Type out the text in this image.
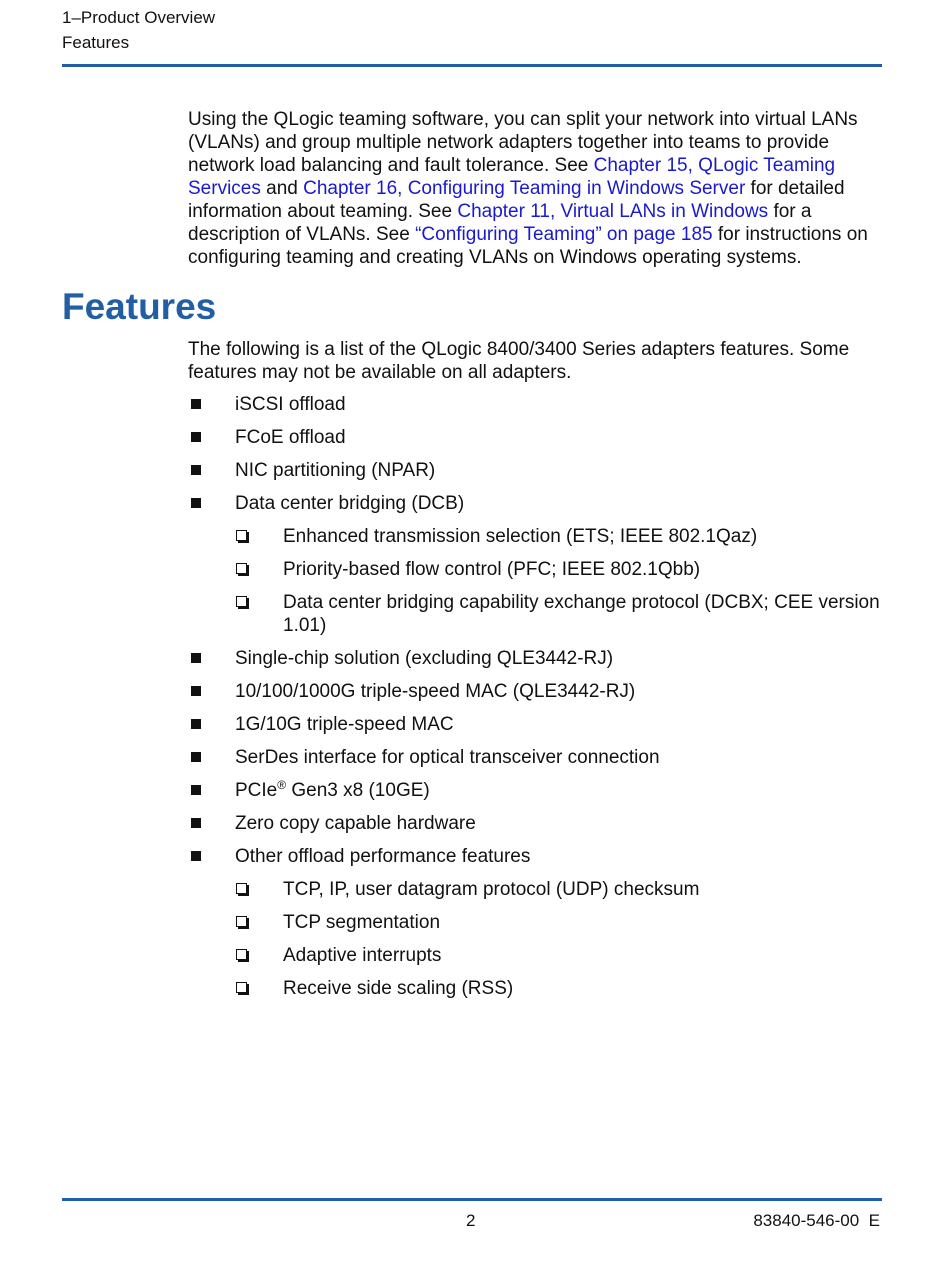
1–Product Overview
Features

Using the QLogic teaming software, you can split your network into virtual LANs (VLANs) and group multiple network adapters together into teams to provide network load balancing and fault tolerance. See Chapter 15, QLogic Teaming Services and Chapter 16, Configuring Teaming in Windows Server for detailed information about teaming. See Chapter 11, Virtual LANs in Windows for a description of VLANs. See “Configuring Teaming” on page 185 for instructions on configuring teaming and creating VLANs on Windows operating systems.

Features

The following is a list of the QLogic 8400/3400 Series adapters features. Some features may not be available on all adapters.

iSCSI offload
FCoE offload
NIC partitioning (NPAR)
Data center bridging (DCB)
Enhanced transmission selection (ETS; IEEE 802.1Qaz)
Priority-based flow control (PFC; IEEE 802.1Qbb)
Data center bridging capability exchange protocol (DCBX; CEE version 1.01)
Single-chip solution (excluding QLE3442-RJ)
10/100/1000G triple-speed MAC (QLE3442-RJ)
1G/10G triple-speed MAC
SerDes interface for optical transceiver connection
PCIe® Gen3 x8 (10GE)
Zero copy capable hardware
Other offload performance features
TCP, IP, user datagram protocol (UDP) checksum
TCP segmentation
Adaptive interrupts
Receive side scaling (RSS)
2	83840-546-00  E
